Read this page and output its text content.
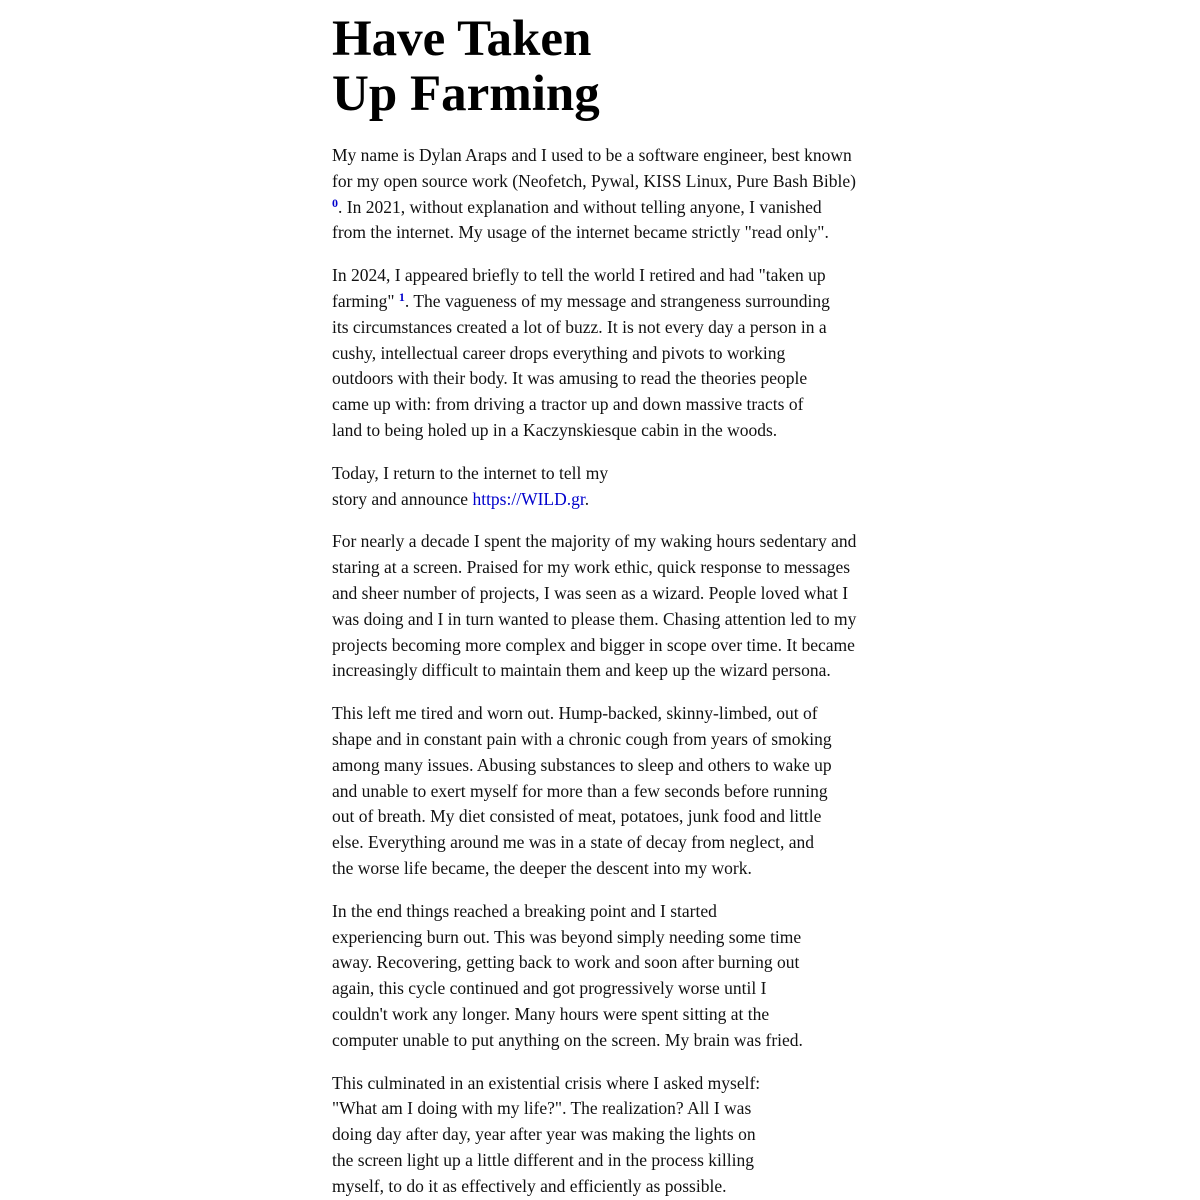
Have Taken
Up Farming

My name is Dylan Araps and I used to be a software engineer, best known
for my open source work (Neofetch, Pywal, KISS Linux, Pure Bash Bible)
$^0$. In 2021, without explanation and without telling anyone, I vanished
from the internet. My usage of the internet became strictly "read only".

In 2024, I appeared briefly to tell the world I retired and had "taken up
farming" $^1$. The vagueness of my message and strangeness surrounding
its circumstances created a lot of buzz. It is not every day a person in a
cushy, intellectual career drops everything and pivots to working
outdoors with their body. It was amusing to read the theories people
came up with: from driving a tractor up and down massive tracts of
land to being holed up in a Kaczynskiesque cabin in the woods.

Today, I return to the internet to tell my
story and announce https://WILD.gr.

For nearly a decade I spent the majority of my waking hours sedentary and
staring at a screen. Praised for my work ethic, quick response to messages
and sheer number of projects, I was seen as a wizard. People loved what I
was doing and I in turn wanted to please them. Chasing attention led to my
projects becoming more complex and bigger in scope over time. It became
increasingly difficult to maintain them and keep up the wizard persona.

This left me tired and worn out. Hump-backed, skinny-limbed, out of
shape and in constant pain with a chronic cough from years of smoking
among many issues. Abusing substances to sleep and others to wake up
and unable to exert myself for more than a few seconds before running
out of breath. My diet consisted of meat, potatoes, junk food and little
else. Everything around me was in a state of decay from neglect, and
the worse life became, the deeper the descent into my work.

In the end things reached a breaking point and I started
experiencing burn out. This was beyond simply needing some time
away. Recovering, getting back to work and soon after burning out
again, this cycle continued and got progressively worse until I
couldn't work any longer. Many hours were spent sitting at the
computer unable to put anything on the screen. My brain was fried.

This culminated in an existential crisis where I asked myself:
"What am I doing with my life?". The realization? All I was
doing day after day, year after year was making the lights on
the screen light up a little different and in the process killing
myself, to do it as effectively and efficiently as possible.
